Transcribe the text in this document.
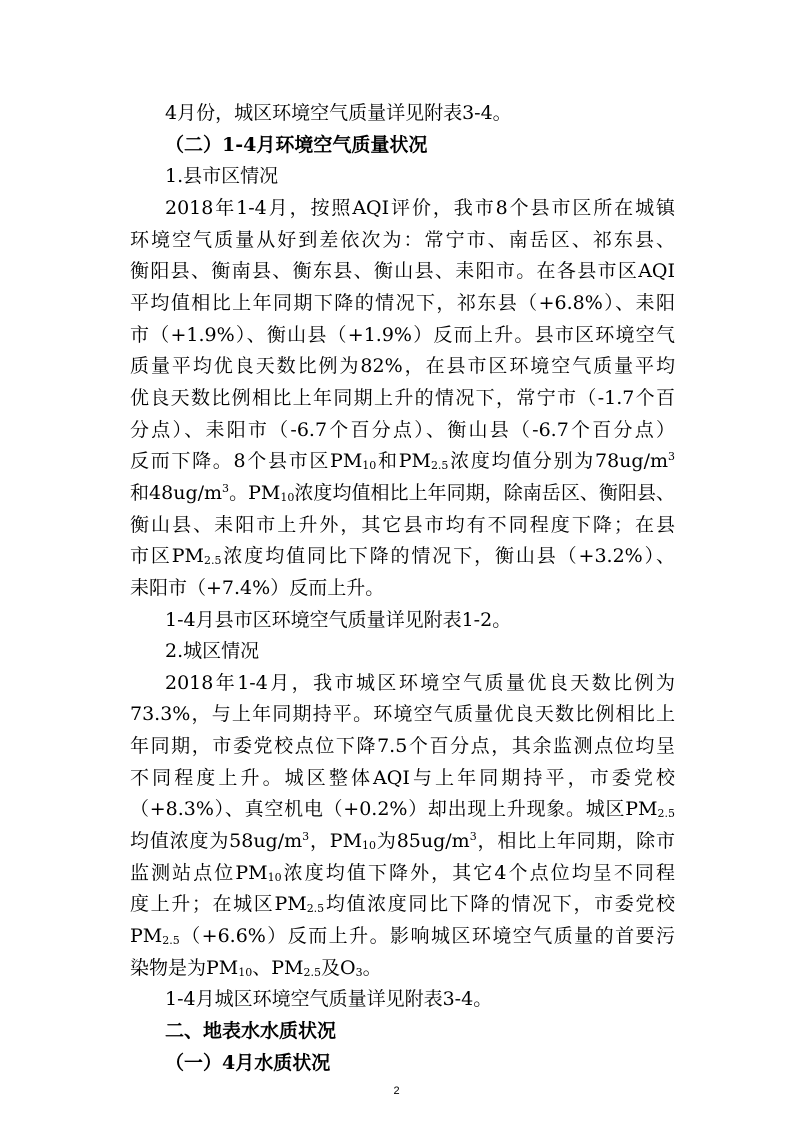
4月份，城区环境空气质量详见附表3-4。
（二）1-4月环境空气质量状况
1.县市区情况
2018年1-4月，按照AQI评价，我市8个县市区所在城镇
环境空气质量从好到差依次为：常宁市、南岳区、祁东县、
衡阳县、衡南县、衡东县、衡山县、耒阳市。在各县市区AQI
平均值相比上年同期下降的情况下，祁东县（+6.8%）、耒阳
市（+1.9%）、衡山县（+1.9%）反而上升。县市区环境空气
质量平均优良天数比例为82%，在县市区环境空气质量平均
优良天数比例相比上年同期上升的情况下，常宁市（-1.7个百
分点）、耒阳市（-6.7个百分点）、衡山县（-6.7个百分点）
反而下降。8个县市区$PM_{10}$和$PM_{2.5}$浓度均值分别为$78ug/m^3$
和$48ug/m^3$。$PM_{10}$浓度均值相比上年同期，除南岳区、衡阳县、
衡山县、耒阳市上升外，其它县市均有不同程度下降；在县
市区$PM_{2.5}$浓度均值同比下降的情况下，衡山县（+3.2%）、
耒阳市（+7.4%）反而上升。
1-4月县市区环境空气质量详见附表1-2。
2.城区情况
2018年1-4月，我市城区环境空气质量优良天数比例为
73.3%，与上年同期持平。环境空气质量优良天数比例相比上
年同期，市委党校点位下降7.5个百分点，其余监测点位均呈
不同程度上升。城区整体AQI与上年同期持平，市委党校
（+8.3%）、真空机电（+0.2%）却出现上升现象。城区$PM_{2.5}$
均值浓度为$58ug/m^3$，$PM_{10}$为$85ug/m^3$，相比上年同期，除市
监测站点位$PM_{10}$浓度均值下降外，其它4个点位均呈不同程
度上升；在城区$PM_{2.5}$均值浓度同比下降的情况下，市委党校
$PM_{2.5}(+6.6\%)$反而上升。影响城区环境空气质量的首要污
染物是为$PM_{10}$、$PM_{2.5}$及$O_3$。
1-4月城区环境空气质量详见附表3-4。
二、地表水水质状况
（一）4月水质状况
2
